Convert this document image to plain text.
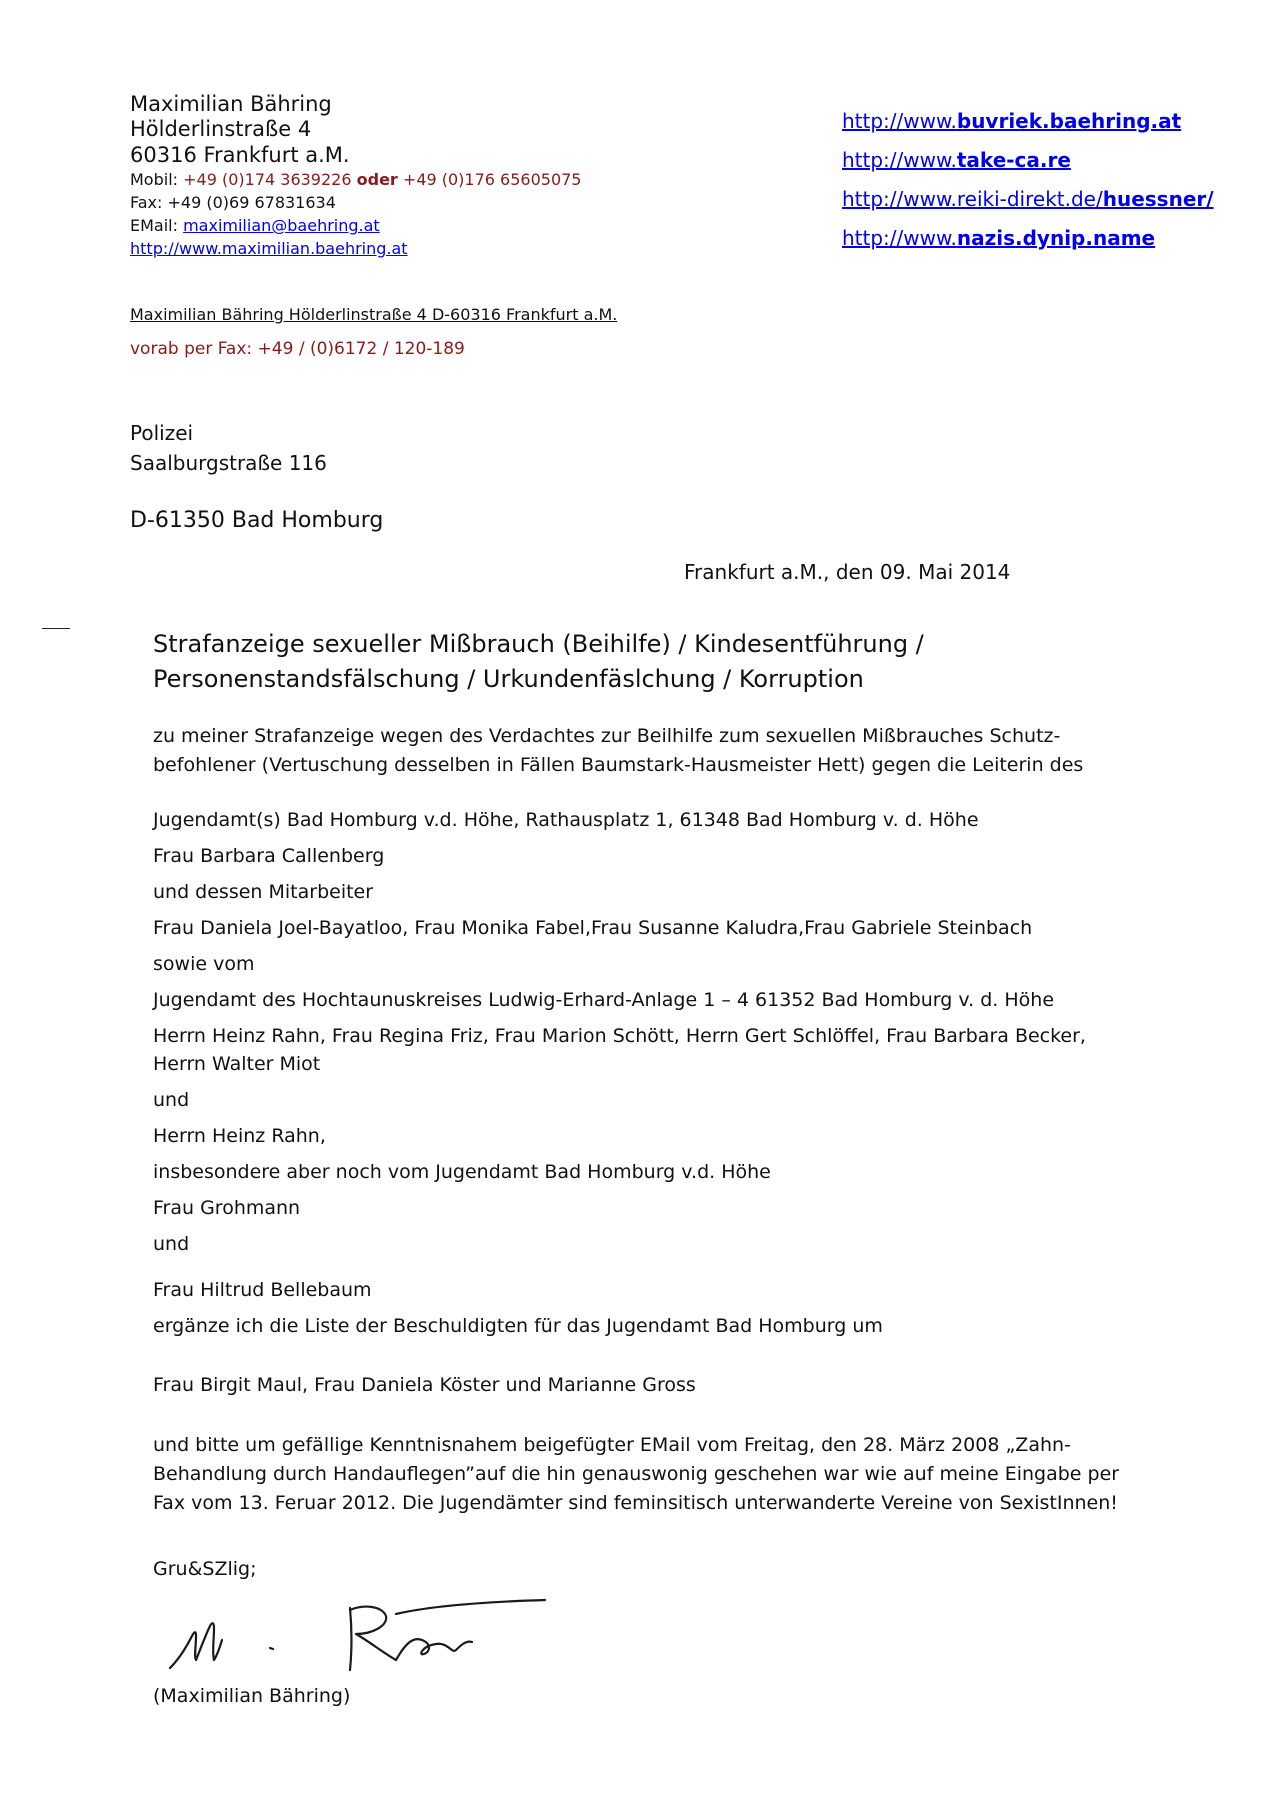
Maximilian Bähring
Hölderlinstraße 4
60316 Frankfurt a.M.
Mobil: +49 (0)174 3639226 oder +49 (0)176 65605075
Fax: +49 (0)69 67831634
EMail: maximilian@baehring.at
http://www.maximilian.baehring.at
http://www.buvriek.baehring.at
http://www.take-ca.re
http://www.reiki-direkt.de/huessner/
http://www.nazis.dynip.name
Maximilian Bähring Hölderlinstraße 4 D-60316 Frankfurt a.M.
vorab per Fax: +49 / (0)6172 / 120-189
Polizei
Saalburgstraße 116
D-61350 Bad Homburg
Frankfurt a.M., den 09. Mai 2014
Strafanzeige sexueller Mißbrauch (Beihilfe) / Kindesentführung /
Personenstandsfälschung / Urkundenfäslchung / Korruption
zu meiner Strafanzeige wegen des Verdachtes zur Beilhilfe zum sexuellen Mißbrauches Schutz-
befohlener (Vertuschung desselben in Fällen Baumstark-Hausmeister Hett) gegen die Leiterin des
Jugendamt(s) Bad Homburg v.d. Höhe, Rathausplatz 1, 61348 Bad Homburg v. d. Höhe
Frau Barbara Callenberg
und dessen Mitarbeiter
Frau Daniela Joel-Bayatloo, Frau Monika Fabel,Frau Susanne Kaludra,Frau Gabriele Steinbach
sowie vom
Jugendamt des Hochtaunuskreises Ludwig-Erhard-Anlage 1 – 4 61352 Bad Homburg v. d. Höhe
Herrn Heinz Rahn, Frau Regina Friz, Frau Marion Schött, Herrn Gert Schlöffel, Frau Barbara Becker,
Herrn Walter Miot
und
Herrn Heinz Rahn,
insbesondere aber noch vom Jugendamt Bad Homburg v.d. Höhe
Frau Grohmann
und
Frau Hiltrud Bellebaum
ergänze ich die Liste der Beschuldigten für das Jugendamt Bad Homburg um
Frau Birgit Maul, Frau Daniela Köster und Marianne Gross
und bitte um gefällige Kenntnisnahem beigefügter EMail vom Freitag, den 28. März 2008 „Zahn-
Behandlung durch Handauflegen”auf die hin genauswonig geschehen war wie auf meine Eingabe per
Fax vom 13. Feruar 2012. Die Jugendämter sind feminsitisch unterwanderte Vereine von SexistInnen!
Gru&SZlig;
(Maximilian Bähring)
